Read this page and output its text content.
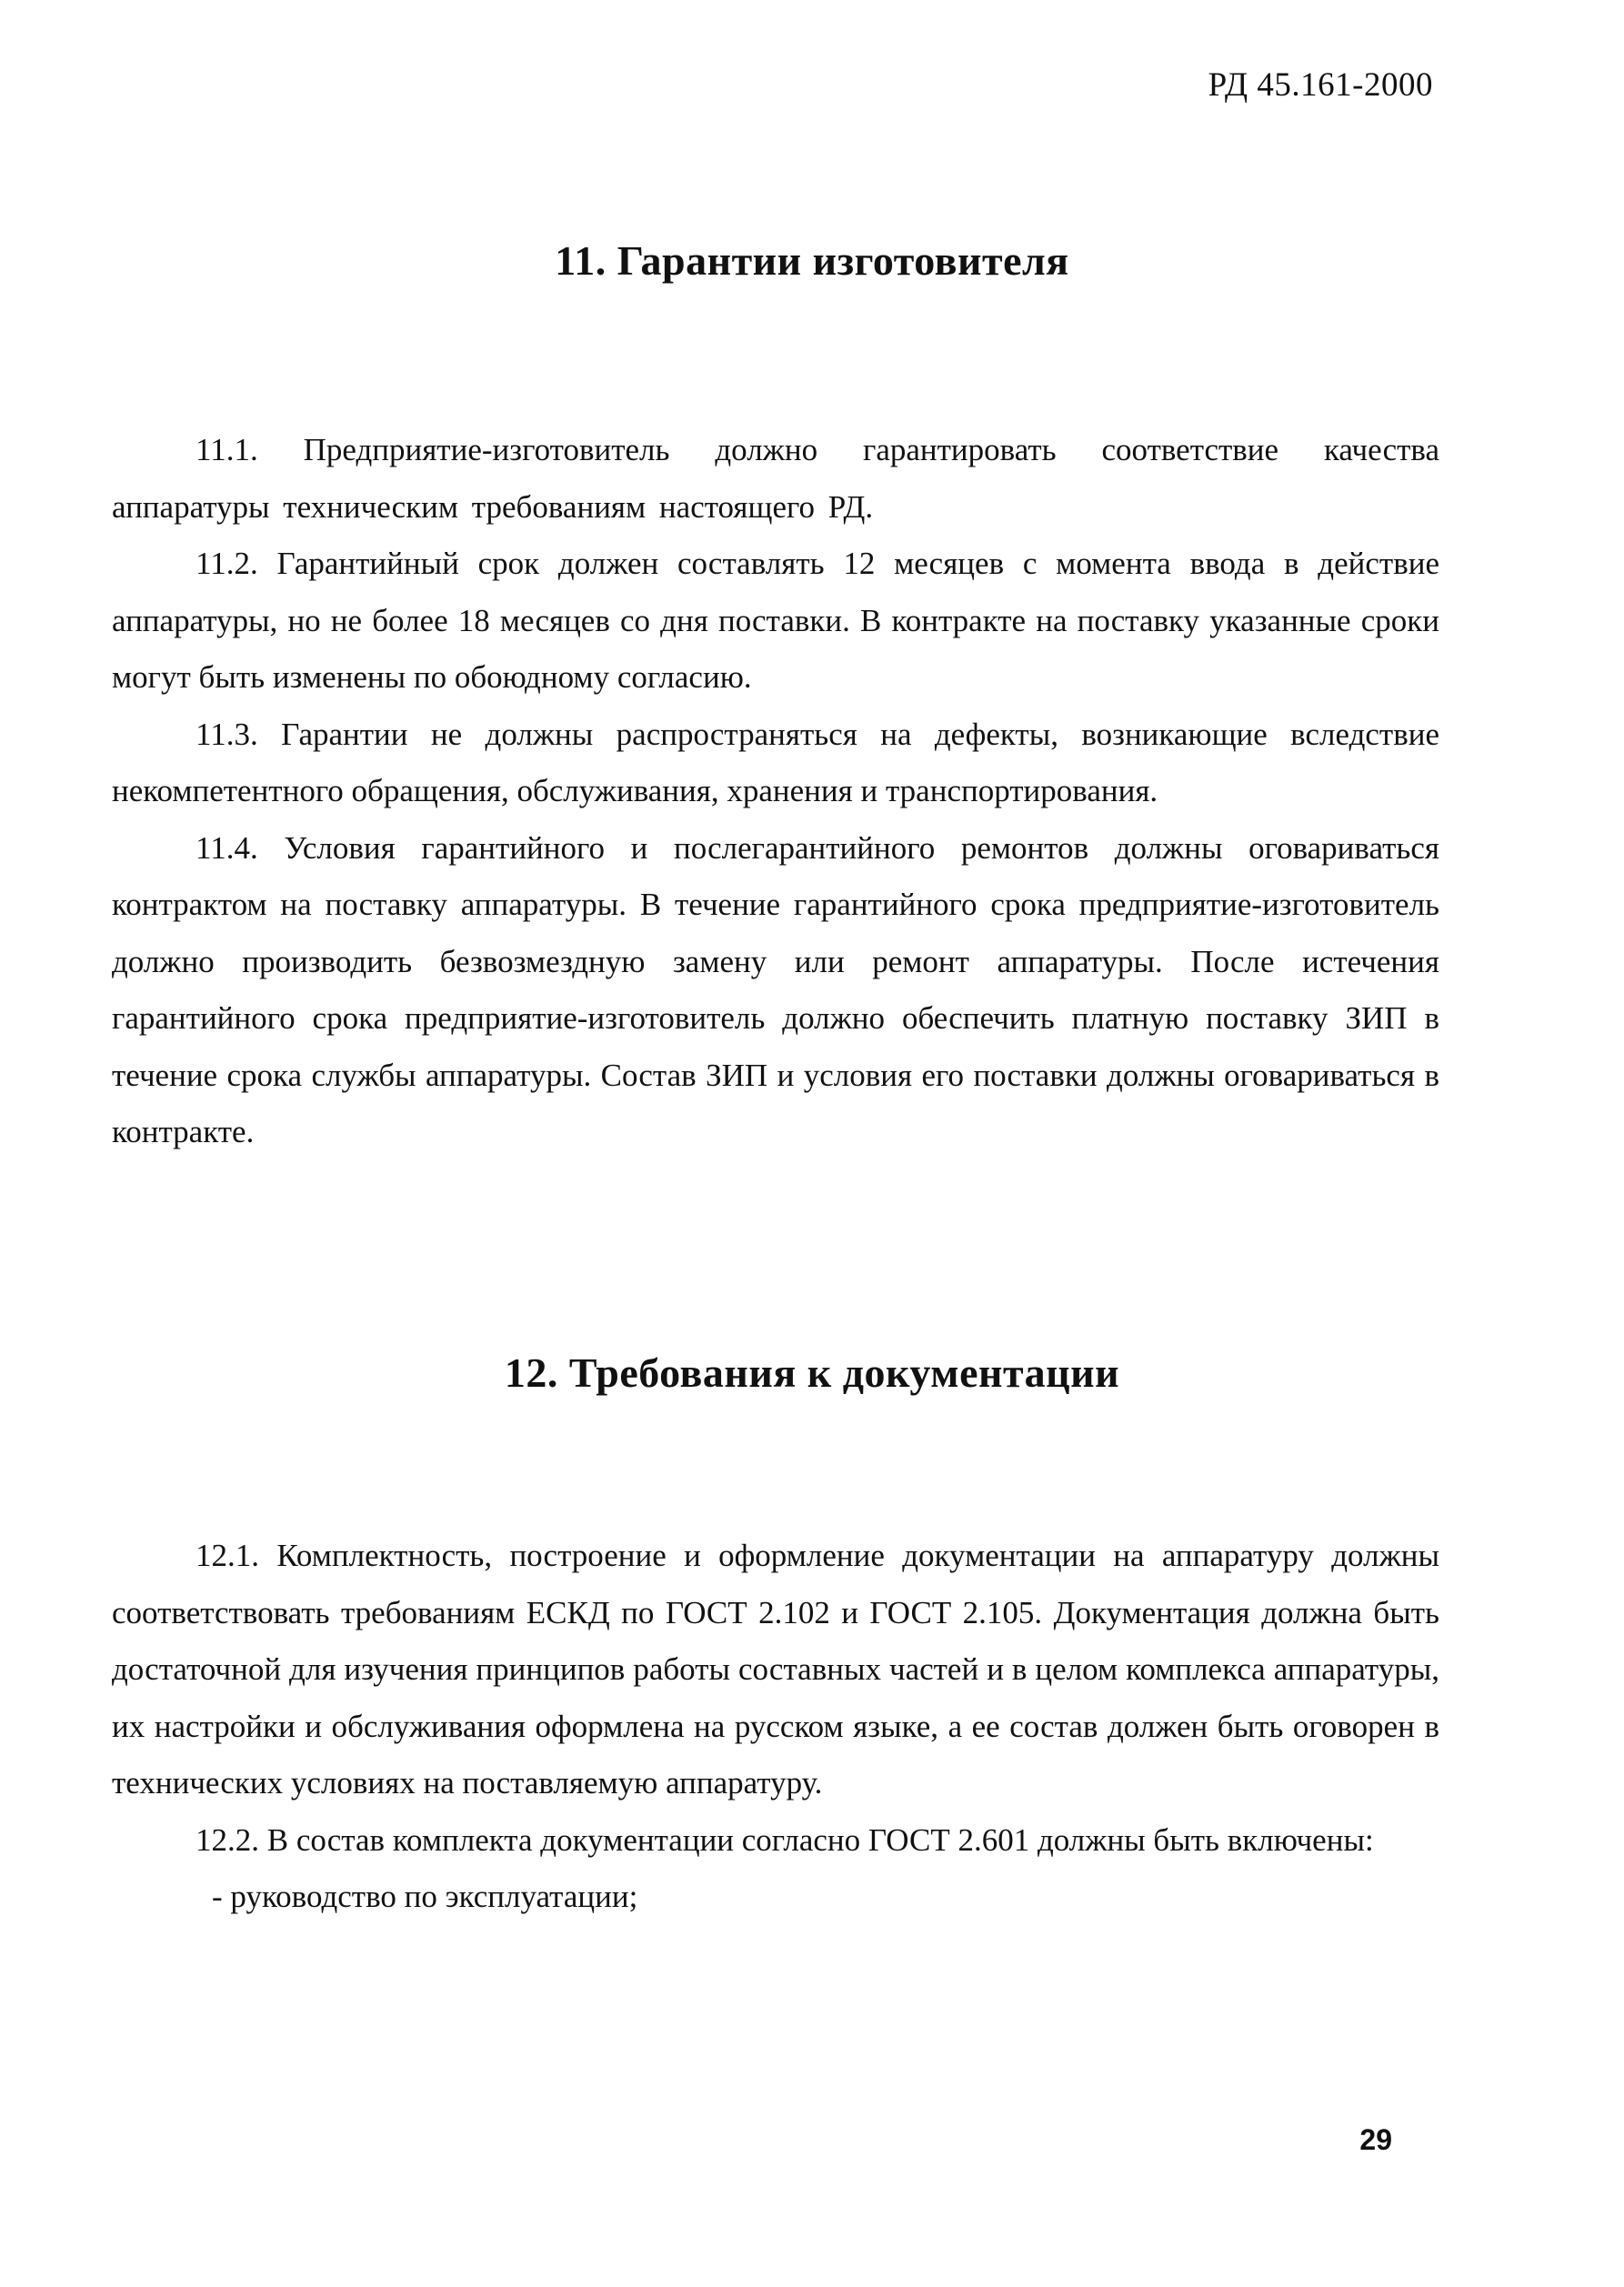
РД 45.161-2000
11. Гарантии изготовителя

11.1. Предприятие-изготовитель должно гарантировать соответствие качества аппаратуры техническим требованиям настоящего РД.

11.2. Гарантийный срок должен составлять 12 месяцев с момента ввода в действие аппаратуры, но не более 18 месяцев со дня поставки. В контракте на поставку указанные сроки могут быть изменены по обоюдному согласию.

11.3. Гарантии не должны распространяться на дефекты, возникающие вследствие некомпетентного обращения, обслуживания, хранения и транспортирования.

11.4. Условия гарантийного и послегарантийного ремонтов должны оговариваться контрактом на поставку аппаратуры. В течение гарантийного срока предприятие-изготовитель должно производить безвозмездную замену или ремонт аппаратуры. После истечения гарантийного срока предприятие-изготовитель должно обеспечить платную поставку ЗИП в течение срока службы аппаратуры. Состав ЗИП и условия его поставки должны оговариваться в контракте.

12. Требования к документации

12.1. Комплектность, построение и оформление документации на аппаратуру должны соответствовать требованиям ЕСКД по ГОСТ 2.102 и ГОСТ 2.105. Документация должна быть достаточной для изучения принципов работы составных частей и в целом комплекса аппаратуры, их настройки и обслуживания оформлена на русском языке, а ее состав должен быть оговорен в технических условиях на поставляемую аппаратуру.

12.2. В состав комплекта документации согласно ГОСТ 2.601 должны быть включены:

- руководство по эксплуатации;

29
